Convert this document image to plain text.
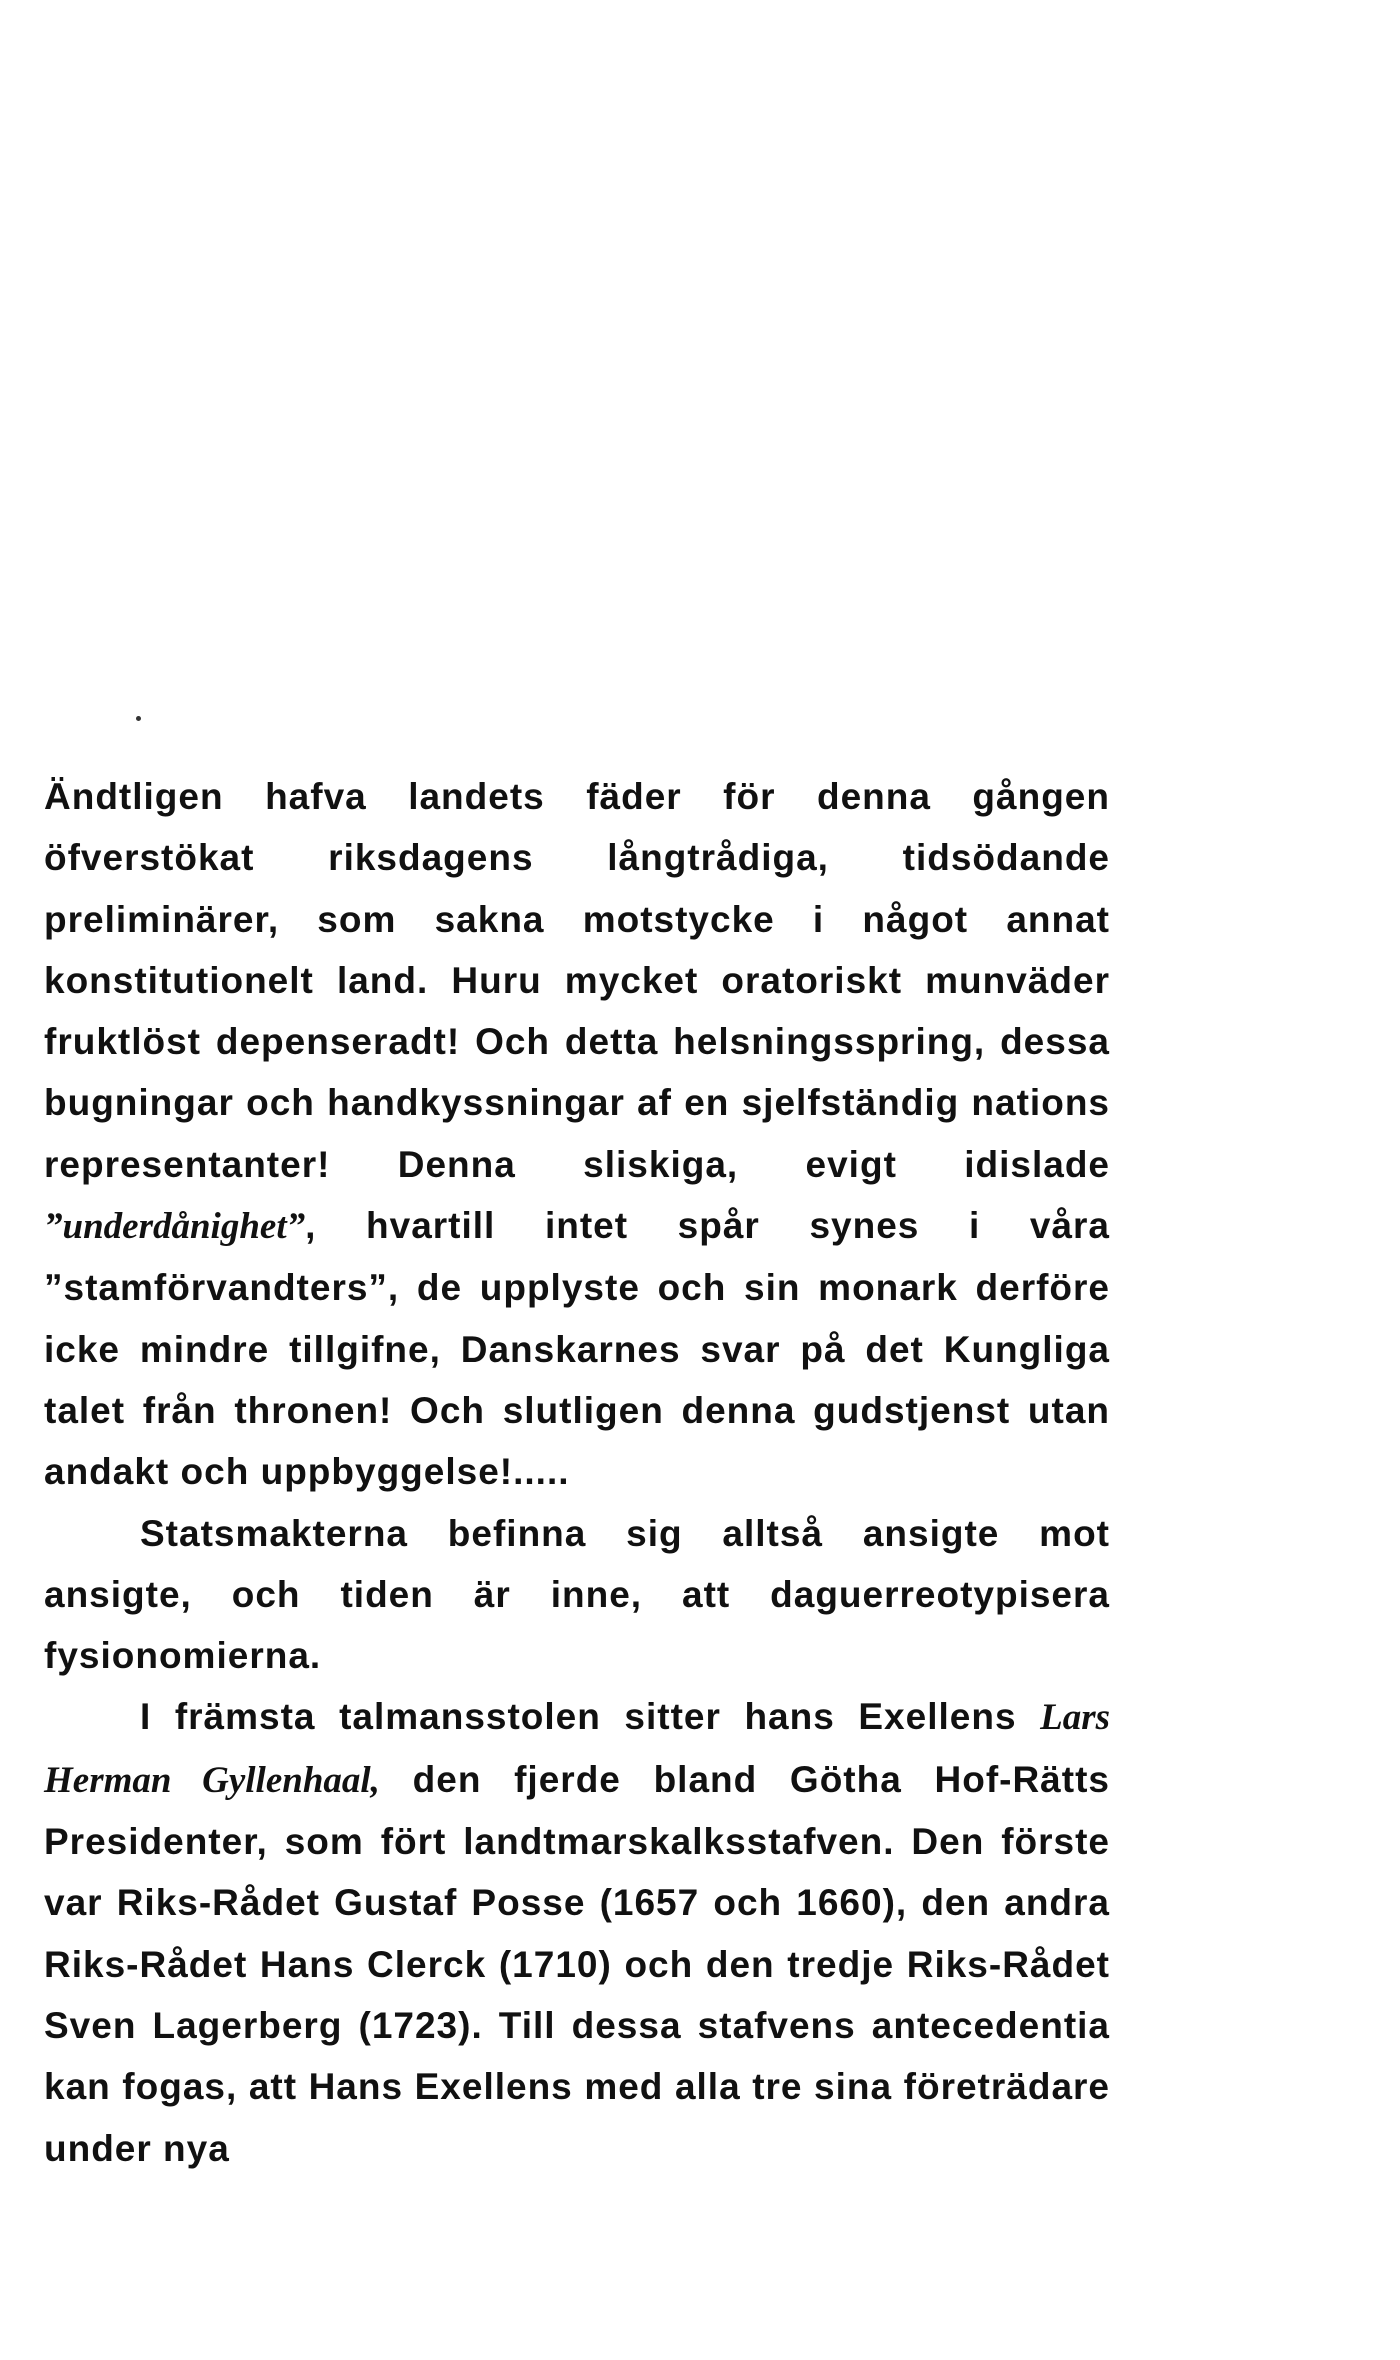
Ändtligen hafva landets fäder för denna gången öfverstökat riksdagens långtrådiga, tidsödande preliminärer, som sakna motstycke i något annat konstitutionelt land. Huru mycket oratoriskt munväder fruktlöst depenseradt! Och detta helsningsspring, dessa bugningar och handkyssningar af en sjelfständig nations representanter! Denna sliskiga, evigt idislade ”underdånighet”, hvartill intet spår synes i våra ”stamförvandters”, de upplyste och sin monark derföre icke mindre tillgifne, Danskarnes svar på det Kungliga talet från thronen! Och slutligen denna gudstjenst utan andakt och uppbyggelse!.....

Statsmakterna befinna sig alltså ansigte mot ansigte, och tiden är inne, att daguerreotypisera fysionomierna.

I främsta talmansstolen sitter hans Exellens Lars Herman Gyllenhaal, den fjerde bland Götha Hof-Rätts Presidenter, som fört landtmarskalksstafven. Den förste var Riks-Rådet Gustaf Posse (1657 och 1660), den andra Riks-Rådet Hans Clerck (1710) och den tredje Riks-Rådet Sven Lagerberg (1723). Till dessa stafvens antecedentia kan fogas, att Hans Exellens med alla tre sina företrädare under nya
